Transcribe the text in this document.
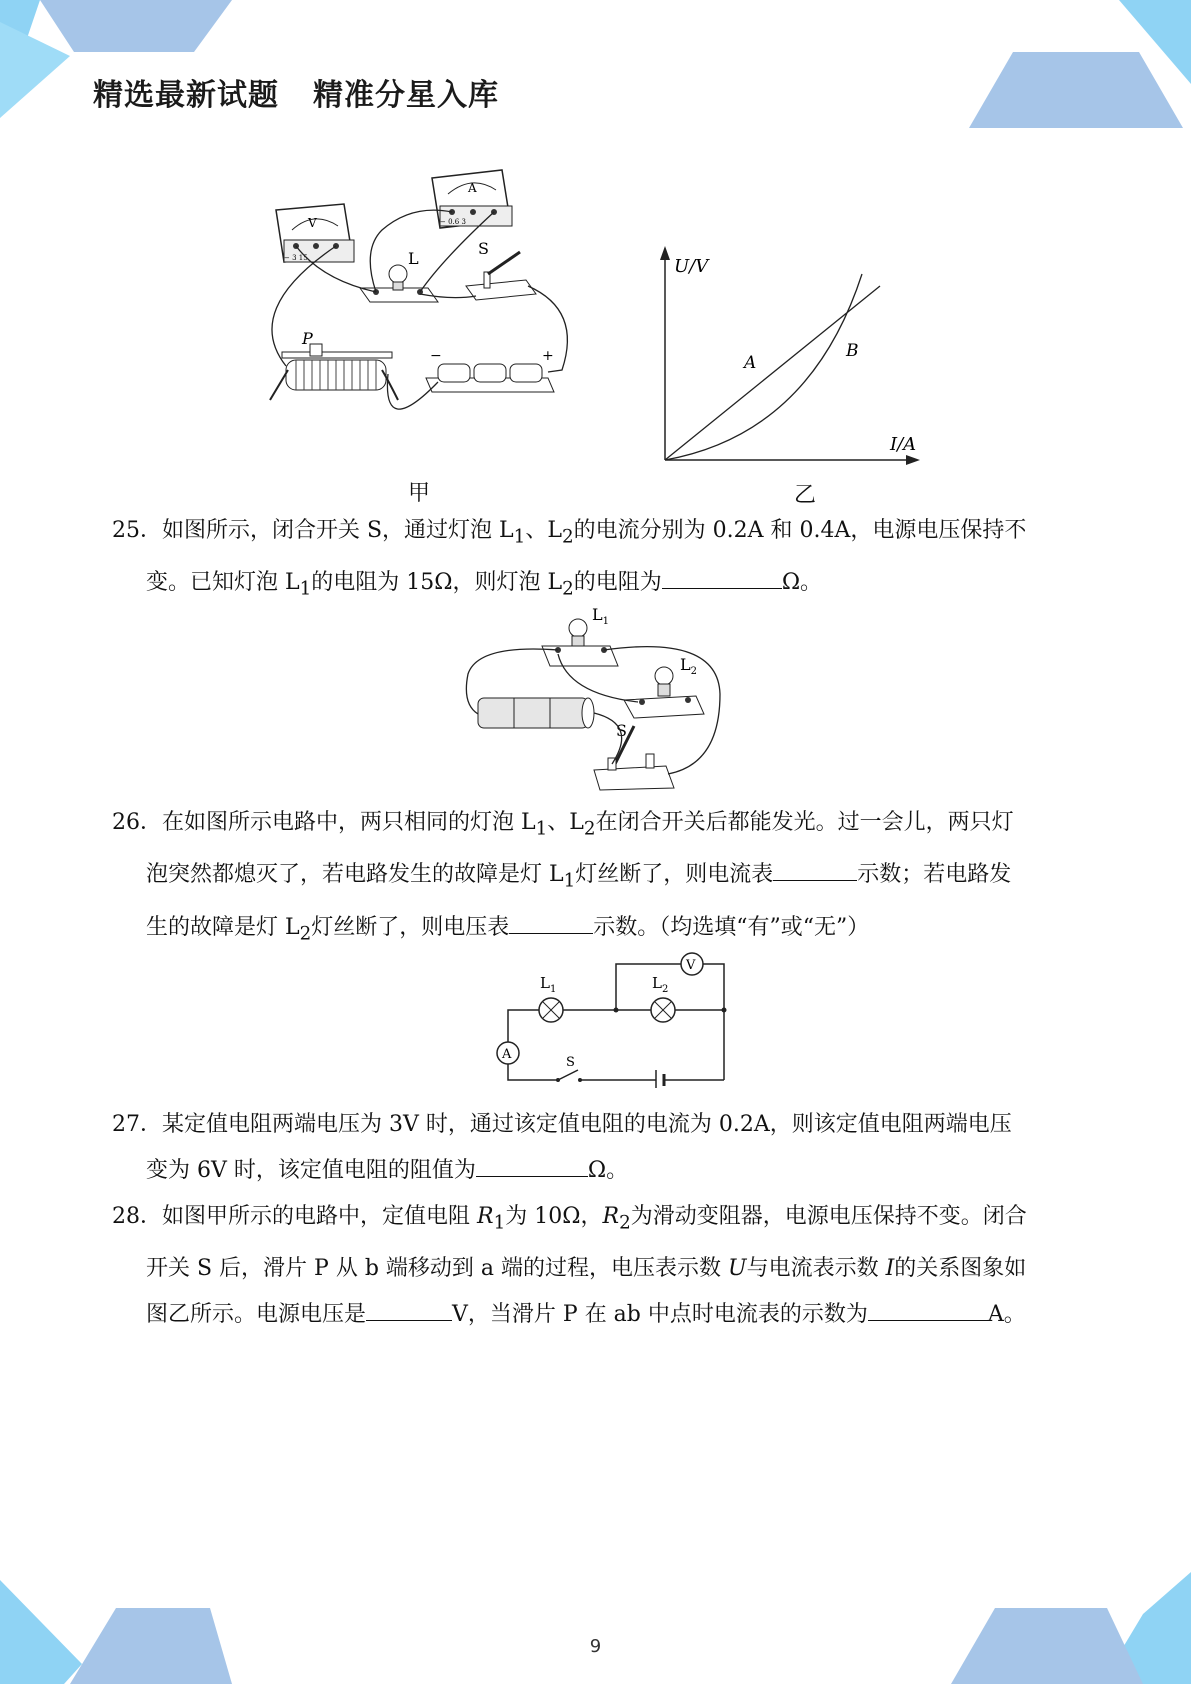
精选最新试题 精准分星入库
A
− 0.6 3
V
− 3 15	L
S
P
−	+
U/V
I/A
A
B
甲	乙
25．如图所示，闭合开关 S，通过灯泡 $L_1$、$L_2$的电流分别为 0.2A 和 0.4A，电源电压保持不
变。已知灯泡 $L_1$的电阻为 15Ω，则灯泡 $L_2$的电阻为	Ω。
$L_1$
$L_2$
S
26．在如图所示电路中，两只相同的灯泡 $L_1$、$L_2$在闭合开关后都能发光。过一会儿，两只灯
泡突然都熄灭了，若电路发生的故障是灯 $L_1$灯丝断了，则电流表	示数；若电路发
生的故障是灯 $L_2$灯丝断了，则电压表	示数。（均选填“有”或“无”）
$L_1$	$L_2$
V
A
S
27．某定值电阻两端电压为 3V 时，通过该定值电阻的电流为 0.2A，则该定值电阻两端电压
变为 6V 时，该定值电阻的阻值为	Ω。
28．如图甲所示的电路中，定值电阻 $R_1$为 10Ω，$R_2$为滑动变阻器，电源电压保持不变。闭合
开关 S 后，滑片 P 从 b 端移动到 a 端的过程，电压表示数 U与电流表示数 I的关系图象如
图乙所示。电源电压是	V，当滑片 P 在 ab 中点时电流表的示数为	A。
9
